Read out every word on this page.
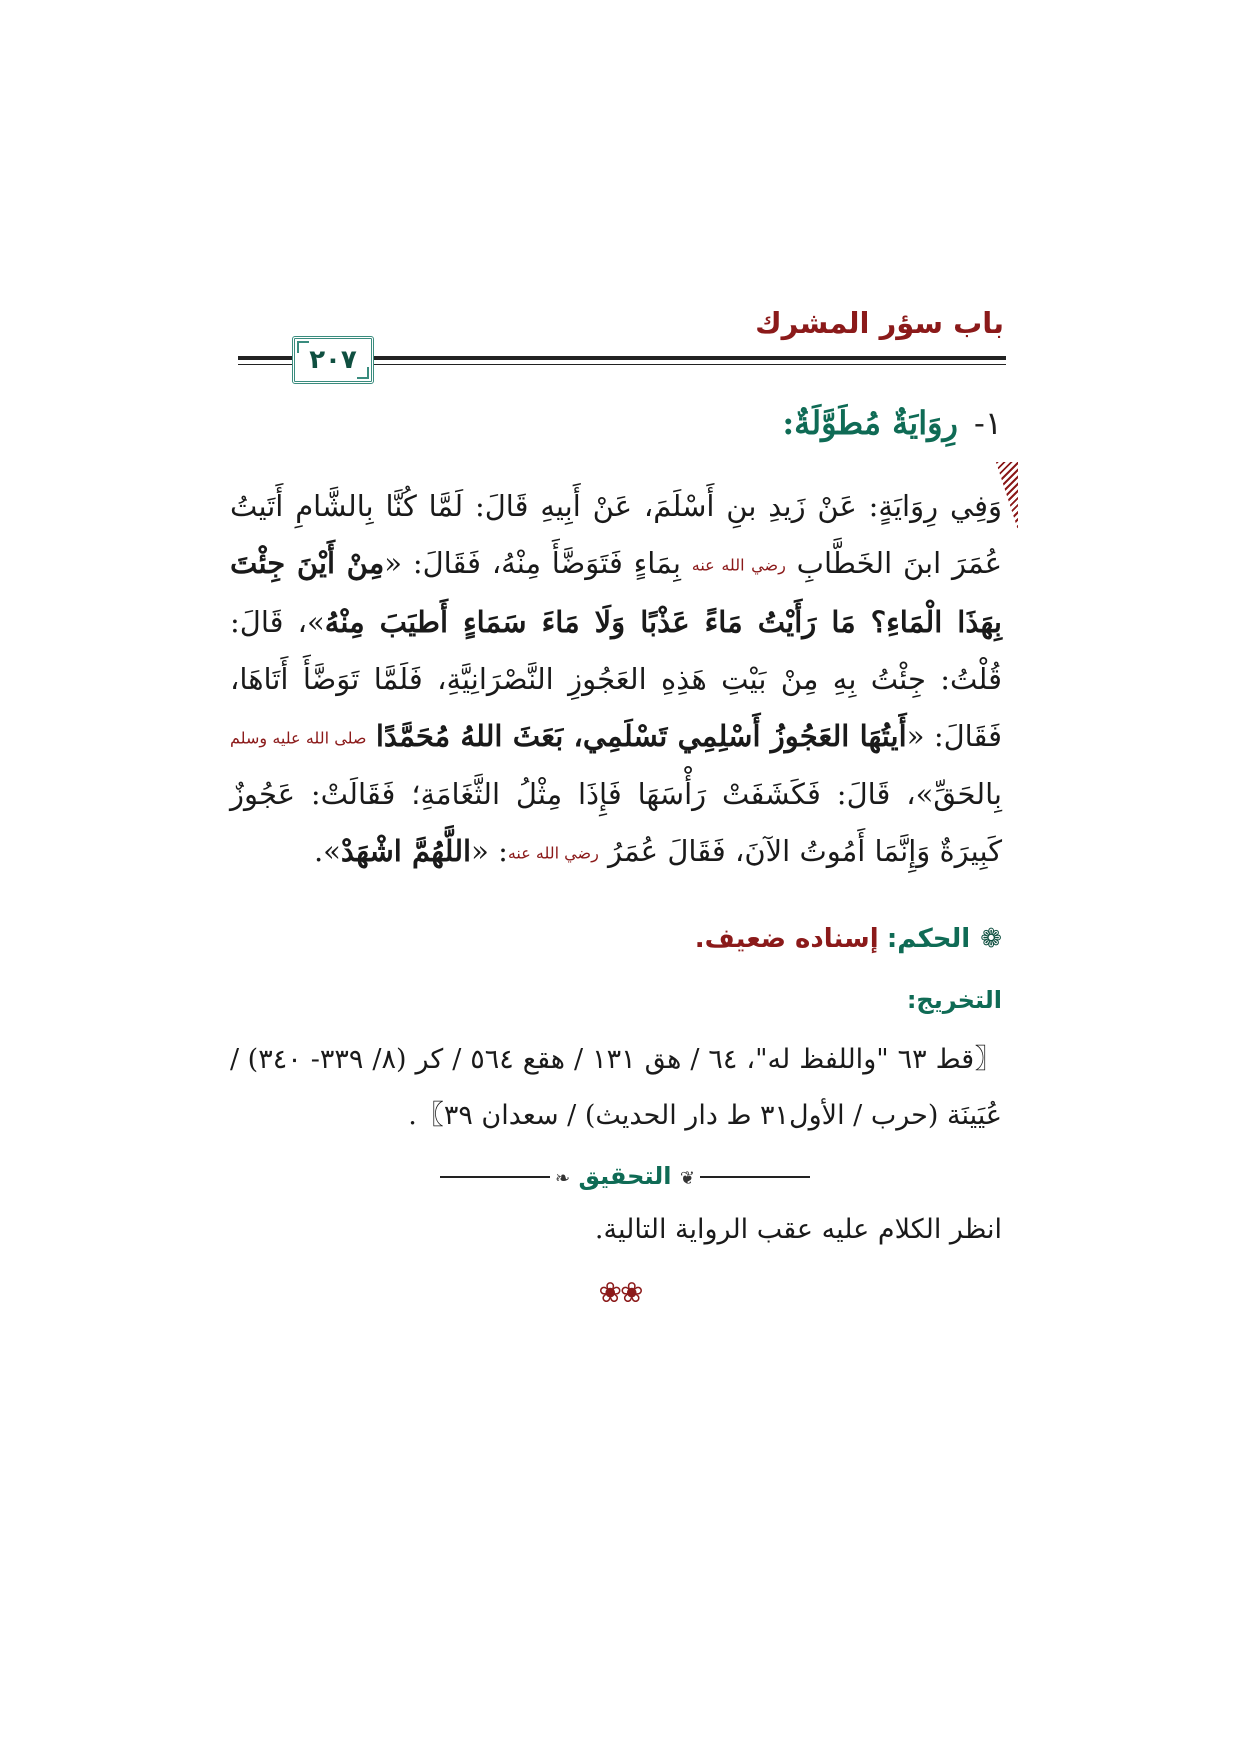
باب سؤر المشرك
٢٠٧
١-رِوَايَةٌ مُطَوَّلَةٌ:
وَفِي رِوَايَةٍ: عَنْ زَيدِ بنِ أَسْلَمَ، عَنْ أَبِيهِ قَالَ: لَمَّا كُنَّا بِالشَّامِ أَتَيتُ عُمَرَ ابنَ الخَطَّابِ رضي الله عنه بِمَاءٍ فَتَوَضَّأَ مِنْهُ، فَقَالَ: «مِنْ أَيْنَ جِئْتَ بِهَذَا الْمَاءِ؟ مَا رَأَيْتُ مَاءً عَذْبًا وَلَا مَاءَ سَمَاءٍ أَطيَبَ مِنْهُ»، قَالَ: قُلْتُ: جِئْتُ بِهِ مِنْ بَيْتِ هَذِهِ العَجُوزِ النَّصْرَانِيَّةِ، فَلَمَّا تَوَضَّأَ أَتَاهَا، فَقَالَ: «أَيتُهَا العَجُوزُ أَسْلِمِي تَسْلَمِي، بَعَثَ اللهُ مُحَمَّدًا صلى الله عليه وسلم بِالحَقِّ»، قَالَ: فَكَشَفَتْ رَأْسَهَا فَإِذَا مِثْلُ الثَّغَامَةِ؛ فَقَالَتْ: عَجُوزٌ كَبِيرَةٌ وَإِنَّمَا أَمُوتُ الآنَ، فَقَالَ عُمَرُ رضي الله عنه: «اللَّهُمَّ اشْهَدْ».
❁الحكم: إسناده ضعيف.
التخريج:
〖قط ٦٣ "واللفظ له"، ٦٤ / هق ١٣١ / هقع ٥٦٤ / كر (٨/ ٣٣٩- ٣٤٠) / عُيَينَة (حرب / الأول٣١ ط دار الحديث) / سعدان ٣٩〗.
❦ التحقيق ❧
انظر الكلام عليه عقب الرواية التالية.
❀❀
